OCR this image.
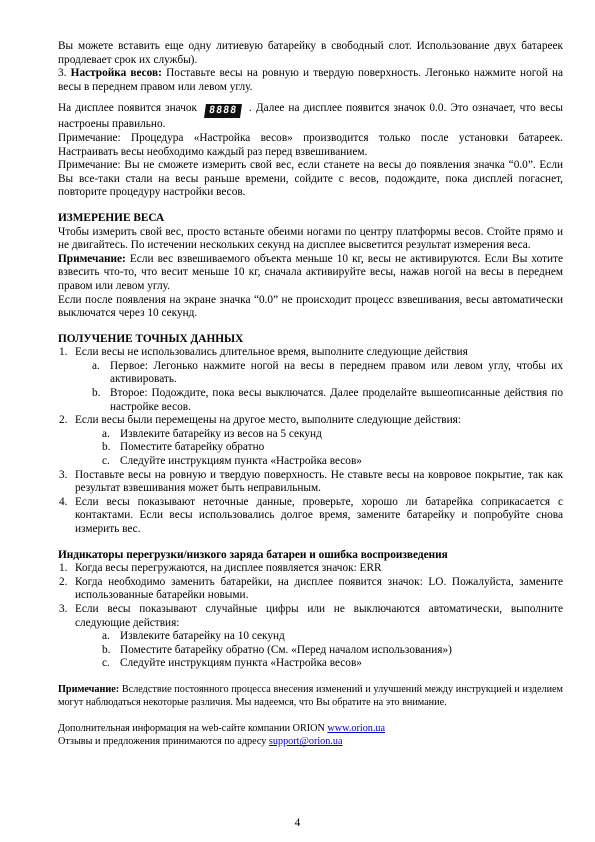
Вы можете вставить еще одну литиевую батарейку в свободный слот. Использование двух батареек продлевает срок их службы).

3. Настройка весов: Поставьте весы на ровную и твердую поверхность. Легонько нажмите ногой на весы в переднем правом или левом углу.

На дисплее появится значок 8888 . Далее на дисплее появится значок 0.0. Это означает, что весы настроены правильно.

Примечание: Процедура «Настройка весов» производится только после установки батареек. Настраивать весы необходимо каждый раз перед взвешиванием.

Примечание: Вы не сможете измерить свой вес, если станете на весы до появления значка “0.0”. Если Вы все-таки стали на весы раньше времени, сойдите с весов, подождите, пока дисплей погаснет, повторите процедуру настройки весов.

ИЗМЕРЕНИЕ ВЕСА

Чтобы измерить свой вес, просто встаньте обеими ногами по центру платформы весов. Стойте прямо и не двигайтесь. По истечении нескольких секунд на дисплее высветится результат измерения веса.

Примечание: Если вес взвешиваемого объекта меньше 10 кг, весы не активируются. Если Вы хотите взвесить что-то, что весит меньше 10 кг, сначала активируйте весы, нажав ногой на весы в переднем правом или левом углу.

Если после появления на экране значка “0.0” не происходит процесс взвешивания, весы автоматически выключатся через 10 секунд.

ПОЛУЧЕНИЕ ТОЧНЫХ ДАННЫХ

1. Если весы не использовались длительное время, выполните следующие действия
a. Первое: Легонько нажмите ногой на весы в переднем правом или левом углу, чтобы их активировать.
b. Второе: Подождите, пока весы выключатся. Далее проделайте вышеописанные действия по настройке весов.
2. Если весы были перемещены на другое место, выполните следующие действия:
a. Извлеките батарейку из весов на 5 секунд
b. Поместите батарейку обратно
c. Следуйте инструкциям пункта «Настройка весов»
3. Поставьте весы на ровную и твердую поверхность. Не ставьте весы на ковровое покрытие, так как результат взвешивания может быть неправильным.
4. Если весы показывают неточные данные, проверьте, хорошо ли батарейка соприкасается с контактами. Если весы использовались долгое время, замените батарейку и попробуйте снова измерить вес.

Индикаторы перегрузки/низкого заряда батареи и ошибка воспроизведения

1. Когда весы перегружаются, на дисплее появляется значок: ERR
2. Когда необходимо заменить батарейки, на дисплее появится значок: LO. Пожалуйста, замените использованные батарейки новыми.
3. Если весы показывают случайные цифры или не выключаются автоматически, выполните следующие действия:
a. Извлеките батарейку на 10 секунд
b. Поместите батарейку обратно (См. «Перед началом использования»)
c. Следуйте инструкциям пункта «Настройка весов»

Примечание: Вследствие постоянного процесса внесения изменений и улучшений между инструкцией и изделием могут наблюдаться некоторые различия. Мы надеемся, что Вы обратите на это внимание.

Дополнительная информация на web-сайте компании ORION www.orion.ua

Отзывы и предложения принимаются по адресу support@orion.ua

4
